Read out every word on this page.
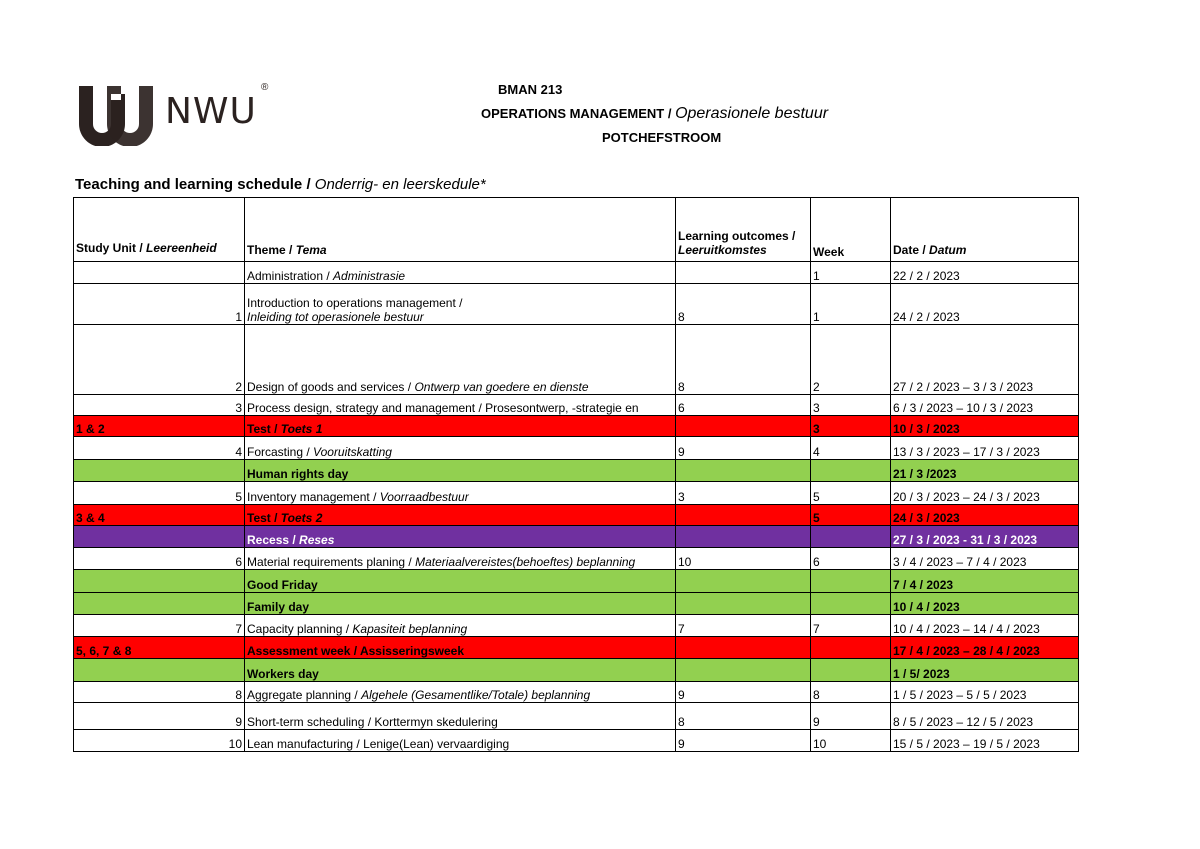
NWU
®	BMAN 213
OPERATIONS MANAGEMENT / Operasionele bestuur
POTCHEFSTROOM
Teaching and learning schedule / Onderrig- en leerskedule*
Study Unit / Leereenheid	Theme / Tema	Learning outcomes /
Leeruitkomstes	Week	Date / Datum
	Administration / Administrasie		1	22 / 2 / 2023
1	Introduction to operations management /
Inleiding tot operasionele bestuur	8	1	24 / 2 / 2023
2	Design of goods and services / Ontwerp van goedere en dienste	8	2	27 / 2 / 2023 – 3 / 3 / 2023
3	Process design, strategy and management / Prosesontwerp, -strategie en	6	3	6 / 3 / 2023 – 10 / 3 / 2023
1 & 2	Test / Toets 1		3	10 / 3 / 2023
4	Forcasting / Vooruitskatting	9	4	13 / 3 / 2023 – 17 / 3 / 2023
	Human rights day			21 / 3 /2023
5	Inventory management / Voorraadbestuur	3	5	20 / 3 / 2023 – 24 / 3 / 2023
3 & 4	Test / Toets 2		5	24 / 3 / 2023
	Recess / Reses			27 / 3 / 2023 - 31 / 3 / 2023
6	Material requirements planing / Materiaalvereistes(behoeftes) beplanning	10	6	3 / 4 / 2023 – 7 / 4 / 2023
	Good Friday			7 / 4 / 2023
	Family day			10 / 4 / 2023
7	Capacity planning / Kapasiteit beplanning	7	7	10 / 4 / 2023 – 14 / 4 / 2023
5, 6, 7 & 8	Assessment week / Assisseringsweek			17 / 4 / 2023 – 28 / 4 / 2023
	Workers day			1 / 5/ 2023
8	Aggregate planning / Algehele (Gesamentlike/Totale) beplanning	9	8	1 / 5 / 2023 – 5 / 5 / 2023
9	Short-term scheduling / Korttermyn skedulering	8	9	8 / 5 / 2023 – 12 / 5 / 2023
10	Lean manufacturing / Lenige(Lean) vervaardiging	9	10	15 / 5 / 2023 – 19 / 5 / 2023
